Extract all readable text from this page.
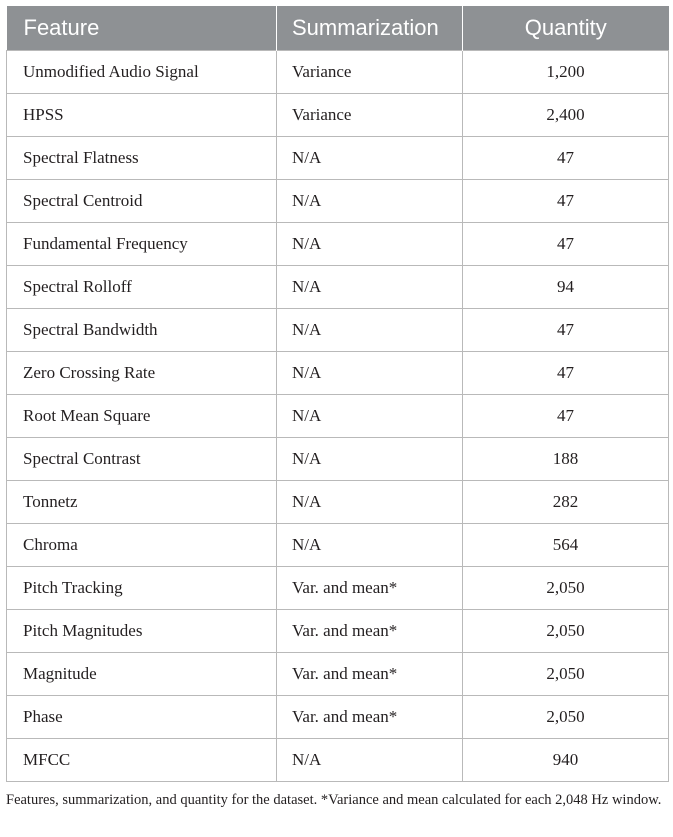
Feature	Summarization	Quantity
Unmodified Audio Signal	Variance	1,200
HPSS	Variance	2,400
Spectral Flatness	N/A	47
Spectral Centroid	N/A	47
Fundamental Frequency	N/A	47
Spectral Rolloff	N/A	94
Spectral Bandwidth	N/A	47
Zero Crossing Rate	N/A	47
Root Mean Square	N/A	47
Spectral Contrast	N/A	188
Tonnetz	N/A	282
Chroma	N/A	564
Pitch Tracking	Var. and mean*	2,050
Pitch Magnitudes	Var. and mean*	2,050
Magnitude	Var. and mean*	2,050
Phase	Var. and mean*	2,050
MFCC	N/A	940
Features, summarization, and quantity for the dataset. *Variance and mean calculated for each 2,048 Hz window.
